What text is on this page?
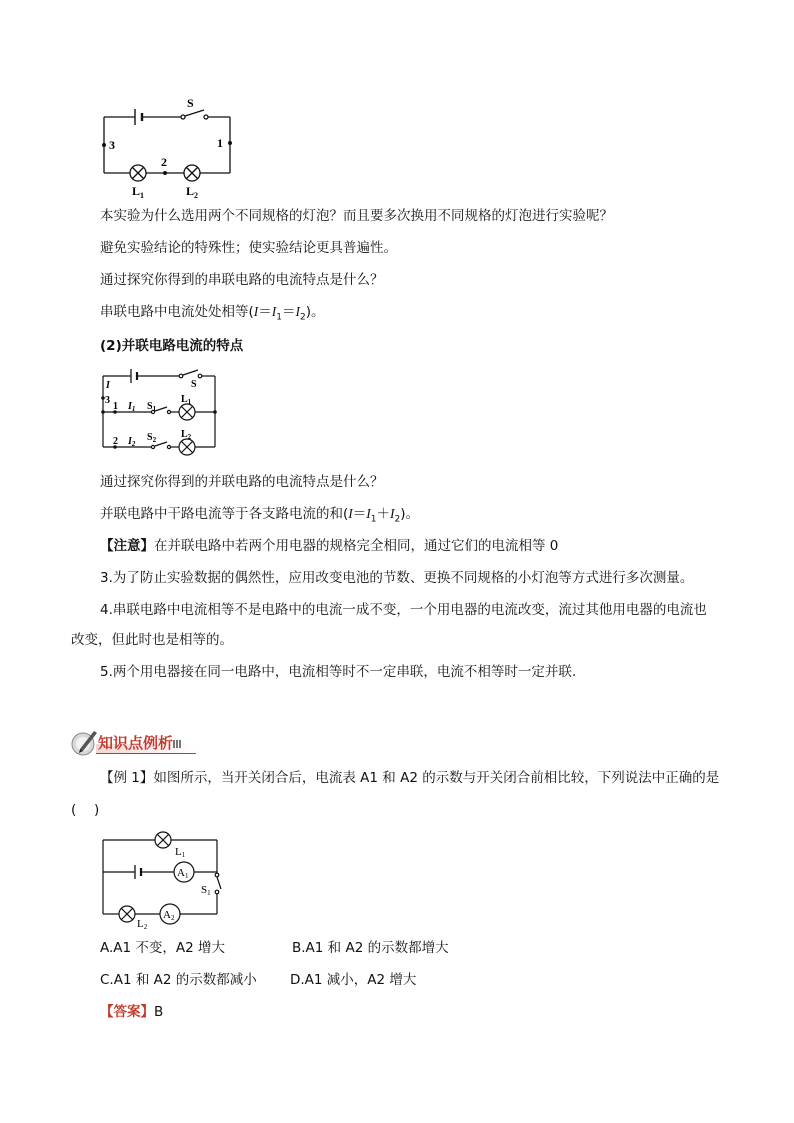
S
3	1
2
$L_1$	$L_2$
本实验为什么选用两个不同规格的灯泡？而且要多次换用不同规格的灯泡进行实验呢？
避免实验结论的特殊性；使实验结论更具普遍性。
通过探究你得到的串联电路的电流特点是什么？
串联电路中电流处处相等$(I=I_1=I_2)$。
(2)并联电路电流的特点
I
3
1 $I_1$ $S_1$
$L_1$
2 $I_2$
$S_2$ $L_2$
S
通过探究你得到的并联电路的电流特点是什么？
并联电路中干路电流等于各支路电流的和$(I=I_1+I_2)$。
【注意】在并联电路中若两个用电器的规格完全相同，通过它们的电流相等 0
3.为了防止实验数据的偶然性，应用改变电池的节数、更换不同规格的小灯泡等方式进行多次测量。
4.串联电路中电流相等不是电路中的电流一成不变，一个用电器的电流改变，流过其他用电器的电流也
改变，但此时也是相等的。
5.两个用电器接在同一电路中，电流相等时不一定串联，电流不相等时一定并联.
知识点例析
【例 1】如图所示，当开关闭合后，电流表 A1 和 A2 的示数与开关闭合前相比较，下列说法中正确的是
(　 )
L1
A1
S1
L2
A2
A.A1 不变，A2 增大	B.A1 和 A2 的示数都增大
C.A1 和 A2 的示数都减小 D.A1 减小，A2 增大
【答案】B
